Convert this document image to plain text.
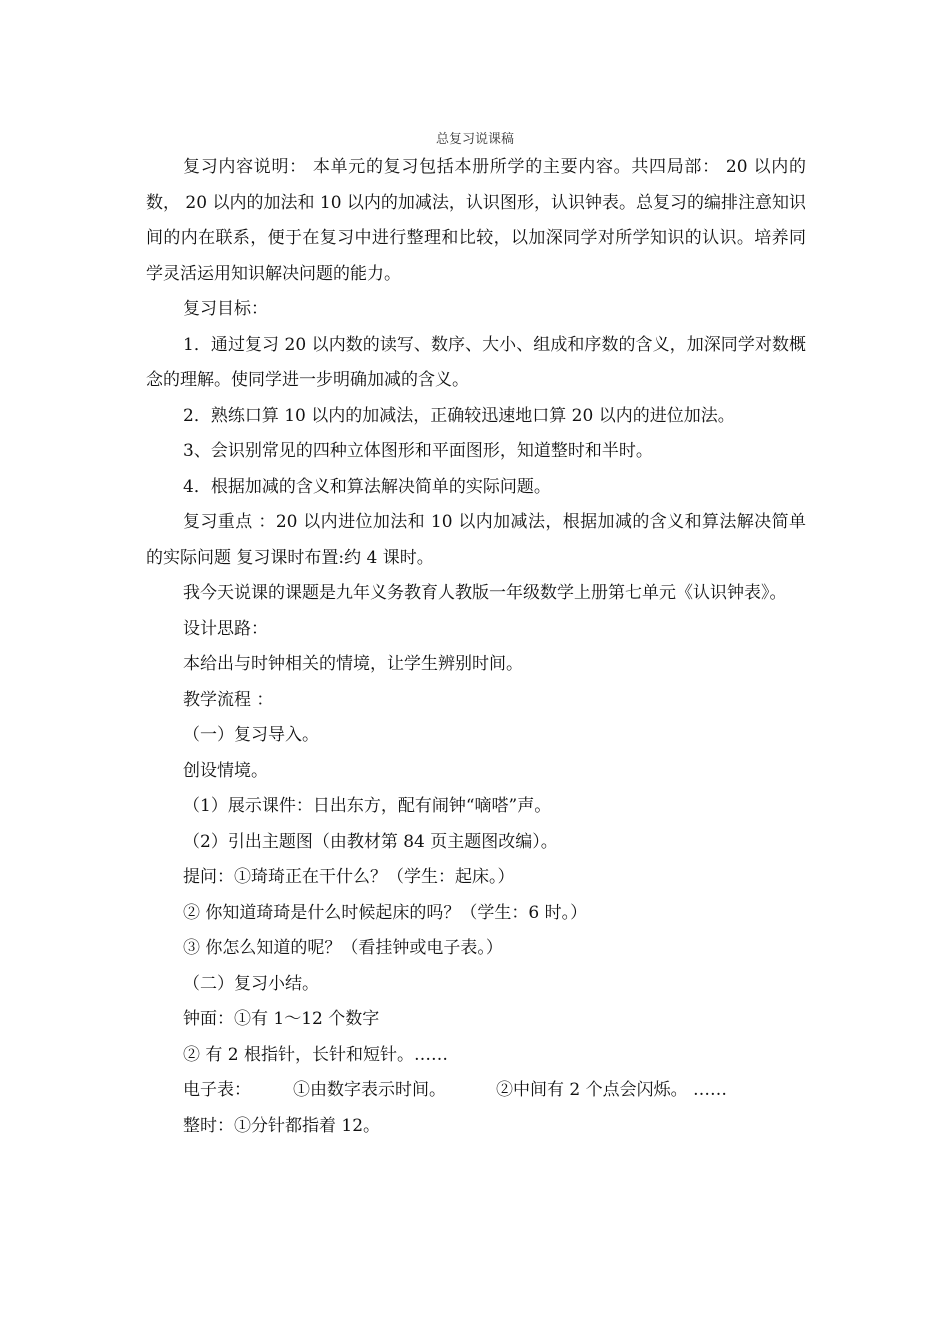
总复习说课稿

复习内容说明： 本单元的复习包括本册所学的主要内容。共四局部： 20 以内的数， 20 以内的加法和 10 以内的加减法，认识图形，认识钟表。总复习的编排注意知识间的内在联系，便于在复习中进行整理和比较，以加深同学对所学知识的认识。培养同学灵活运用知识解决问题的能力。

复习目标：

1．通过复习 20 以内数的读写、数序、大小、组成和序数的含义，加深同学对数概念的理解。使同学进一步明确加减的含义。

2．熟练口算 10 以内的加减法，正确较迅速地口算 20 以内的进位加法。

3、会识别常见的四种立体图形和平面图形，知道整时和半时。

4．根据加减的含义和算法解决简单的实际问题。

复习重点 ：20 以内进位加法和 10 以内加减法，根据加减的含义和算法解决简单的实际问题 复习课时布置:约 4 课时。

我今天说课的课题是九年义务教育人教版一年级数学上册第七单元《认识钟表》。

设计思路：

本给出与时钟相关的情境，让学生辨别时间。

教学流程 ：

（一）复习导入。

创设情境。

（1）展示课件：日出东方，配有闹钟“嘀嗒”声。

（2）引出主题图（由教材第 84 页主题图改编）。

提问：①琦琦正在干什么？（学生：起床。）

② 你知道琦琦是什么时候起床的吗？（学生：6 时。）

③ 你怎么知道的呢？（看挂钟或电子表。）

（二）复习小结。

钟面：①有 1～12 个数字

② 有 2 根指针，长针和短针。……

电子表： ①由数字表示时间。	②中间有 2 个点会闪烁。 ……

整时：①分针都指着 12。
